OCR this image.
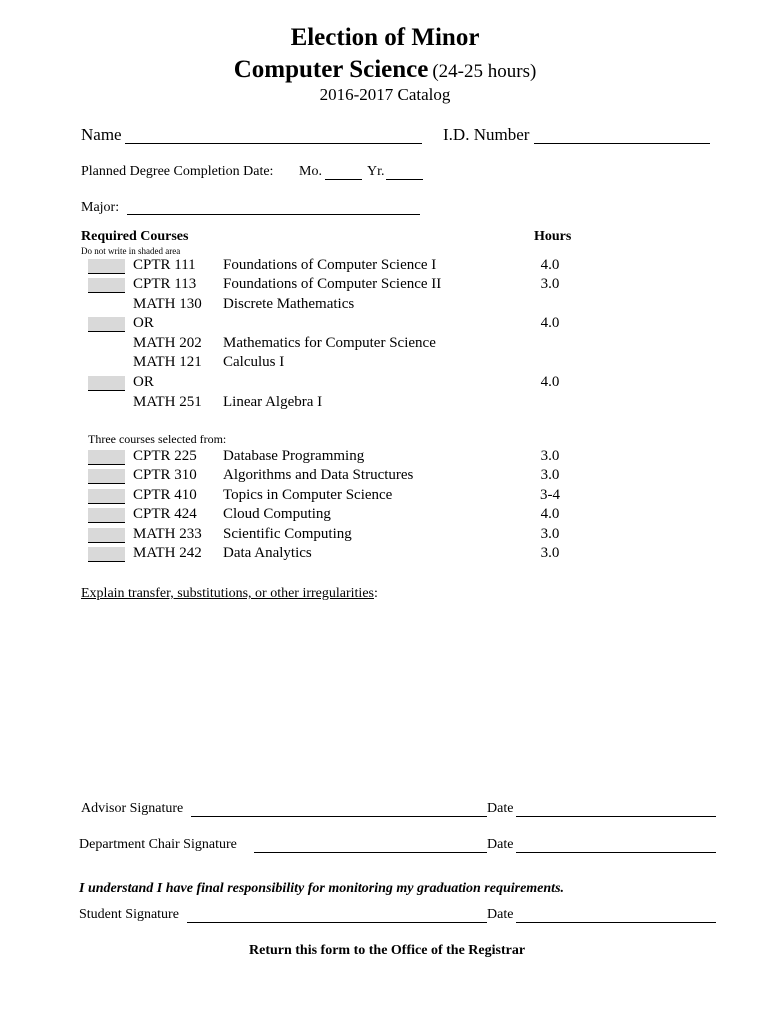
Election of Minor
Computer Science (24-25 hours)
2016-2017 Catalog
Name	I.D. Number
Planned Degree Completion Date: Mo.	Yr.
Major:
Required Courses	Hours
Do not write in shaded area
CPTR 111 Foundations of Computer Science I	4.0
CPTR 113 Foundations of Computer Science II	3.0
MATH 130 Discrete Mathematics
OR	4.0
MATH 202 Mathematics for Computer Science
MATH 121 Calculus I
OR	4.0
MATH 251 Linear Algebra I
Three courses selected from:
CPTR 225 Database Programming	3.0
CPTR 310 Algorithms and Data Structures	3.0
CPTR 410 Topics in Computer Science	3-4
CPTR 424 Cloud Computing	4.0
MATH 233 Scientific Computing	3.0
MATH 242 Data Analytics	3.0
Explain transfer, substitutions, or other irregularities:
Advisor Signature	Date
Department Chair Signature	Date
I understand I have final responsibility for monitoring my graduation requirements.
Student Signature	Date
Return this form to the Office of the Registrar
